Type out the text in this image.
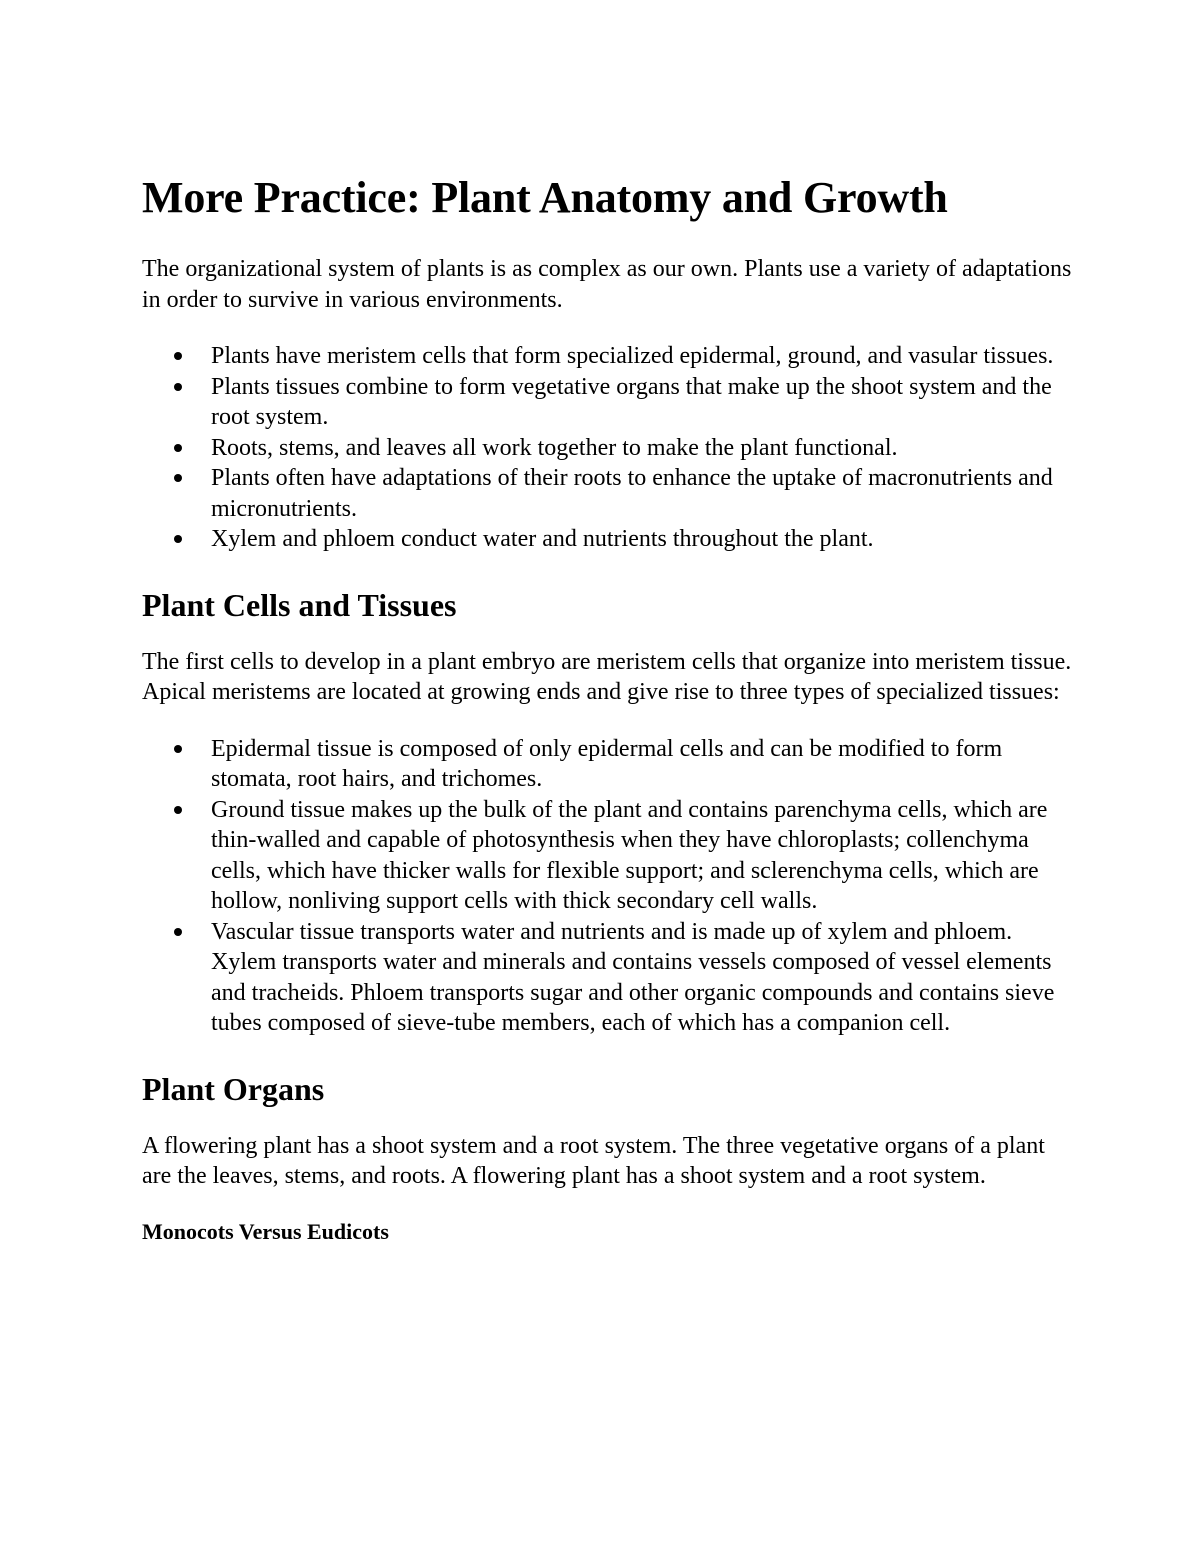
More Practice: Plant Anatomy and Growth

The organizational system of plants is as complex as our own. Plants use a variety of adaptations in order to survive in various environments.

Plants have meristem cells that form specialized epidermal, ground, and vasular tissues.
Plants tissues combine to form vegetative organs that make up the shoot system and the root system.
Roots, stems, and leaves all work together to make the plant functional.
Plants often have adaptations of their roots to enhance the uptake of macronutrients and micronutrients.
Xylem and phloem conduct water and nutrients throughout the plant.
Plant Cells and Tissues

The first cells to develop in a plant embryo are meristem cells that organize into meristem tissue. Apical meristems are located at growing ends and give rise to three types of specialized tissues:

Epidermal tissue is composed of only epidermal cells and can be modified to form stomata, root hairs, and trichomes.
Ground tissue makes up the bulk of the plant and contains parenchyma cells, which are thin-walled and capable of photosynthesis when they have chloroplasts; collenchyma cells, which have thicker walls for flexible support; and sclerenchyma cells, which are hollow, nonliving support cells with thick secondary cell walls.
Vascular tissue transports water and nutrients and is made up of xylem and phloem. Xylem transports water and minerals and contains vessels composed of vessel elements and tracheids. Phloem transports sugar and other organic compounds and contains sieve tubes composed of sieve-tube members, each of which has a companion cell.
Plant Organs

A flowering plant has a shoot system and a root system. The three vegetative organs of a plant are the leaves, stems, and roots. A flowering plant has a shoot system and a root system.

Monocots Versus Eudicots
